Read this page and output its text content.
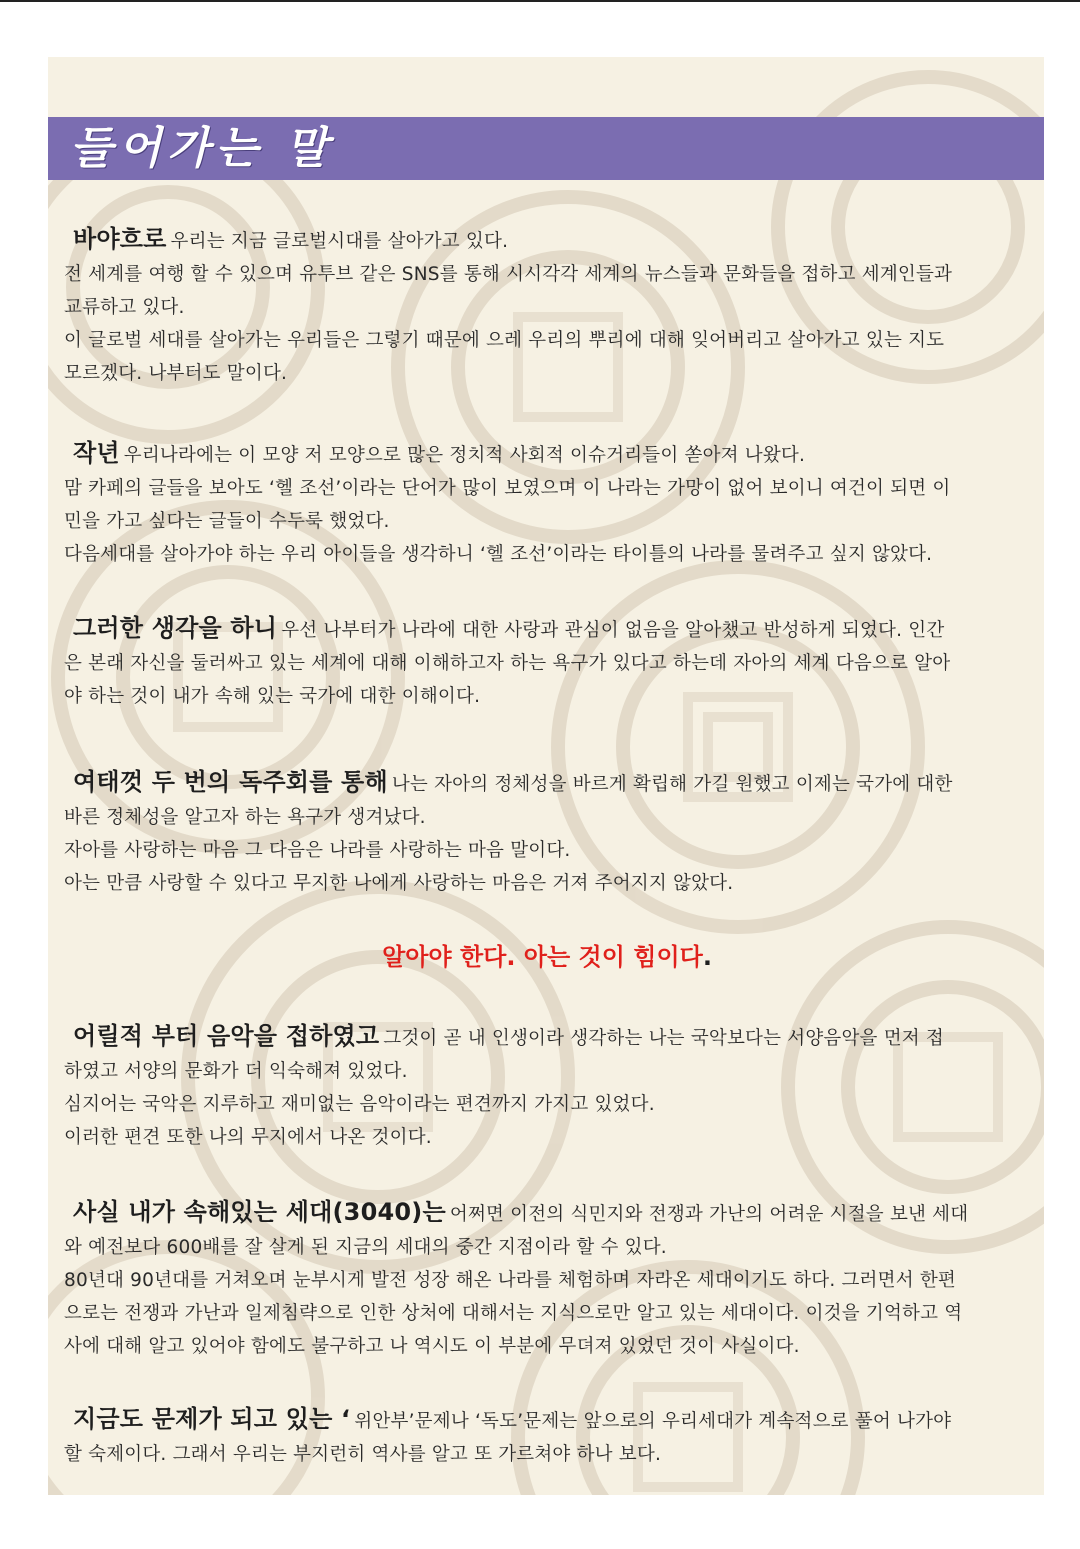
들어가는 말
바야흐로 우리는 지금 글로벌시대를 살아가고 있다.
전 세계를 여행 할 수 있으며 유투브 같은 SNS를 통해 시시각각 세계의 뉴스들과 문화들을 접하고 세계인들과
교류하고 있다.
이 글로벌 세대를 살아가는 우리들은 그렇기 때문에 으레 우리의 뿌리에 대해 잊어버리고 살아가고 있는 지도
모르겠다. 나부터도 말이다.
작년 우리나라에는 이 모양 저 모양으로 많은 정치적 사회적 이슈거리들이 쏟아져 나왔다.
맘 카페의 글들을 보아도 ‘헬 조선’이라는 단어가 많이 보였으며 이 나라는 가망이 없어 보이니 여건이 되면 이
민을 가고 싶다는 글들이 수두룩 했었다.
다음세대를 살아가야 하는 우리 아이들을 생각하니 ‘헬 조선’이라는 타이틀의 나라를 물려주고 싶지 않았다.
그러한 생각을 하니 우선 나부터가 나라에 대한 사랑과 관심이 없음을 알아챘고 반성하게 되었다. 인간
은 본래 자신을 둘러싸고 있는 세계에 대해 이해하고자 하는 욕구가 있다고 하는데 자아의 세계 다음으로 알아
야 하는 것이 내가 속해 있는 국가에 대한 이해이다.
여태껏 두 번의 독주회를 통해 나는 자아의 정체성을 바르게 확립해 가길 원했고 이제는 국가에 대한
바른 정체성을 알고자 하는 욕구가 생겨났다.
자아를 사랑하는 마음 그 다음은 나라를 사랑하는 마음 말이다.
아는 만큼 사랑할 수 있다고 무지한 나에게 사랑하는 마음은 거져 주어지지 않았다.
알아야 한다. 아는 것이 힘이다.
어릴적 부터 음악을 접하였고 그것이 곧 내 인생이라 생각하는 나는 국악보다는 서양음악을 먼저 접
하였고 서양의 문화가 더 익숙해져 있었다.
심지어는 국악은 지루하고 재미없는 음악이라는 편견까지 가지고 있었다.
이러한 편견 또한 나의 무지에서 나온 것이다.
사실 내가 속해있는 세대(3040)는 어쩌면 이전의 식민지와 전쟁과 가난의 어려운 시절을 보낸 세대
와 예전보다 600배를 잘 살게 된 지금의 세대의 중간 지점이라 할 수 있다.
80년대 90년대를 거쳐오며 눈부시게 발전 성장 해온 나라를 체험하며 자라온 세대이기도 하다. 그러면서 한편
으로는 전쟁과 가난과 일제침략으로 인한 상처에 대해서는 지식으로만 알고 있는 세대이다. 이것을 기억하고 역
사에 대해 알고 있어야 함에도 불구하고 나 역시도 이 부분에 무뎌져 있었던 것이 사실이다.
지금도 문제가 되고 있는 ‘ 위안부’문제나 ‘독도’문제는 앞으로의 우리세대가 계속적으로 풀어 나가야
할 숙제이다. 그래서 우리는 부지런히 역사를 알고 또 가르쳐야 하나 보다.
